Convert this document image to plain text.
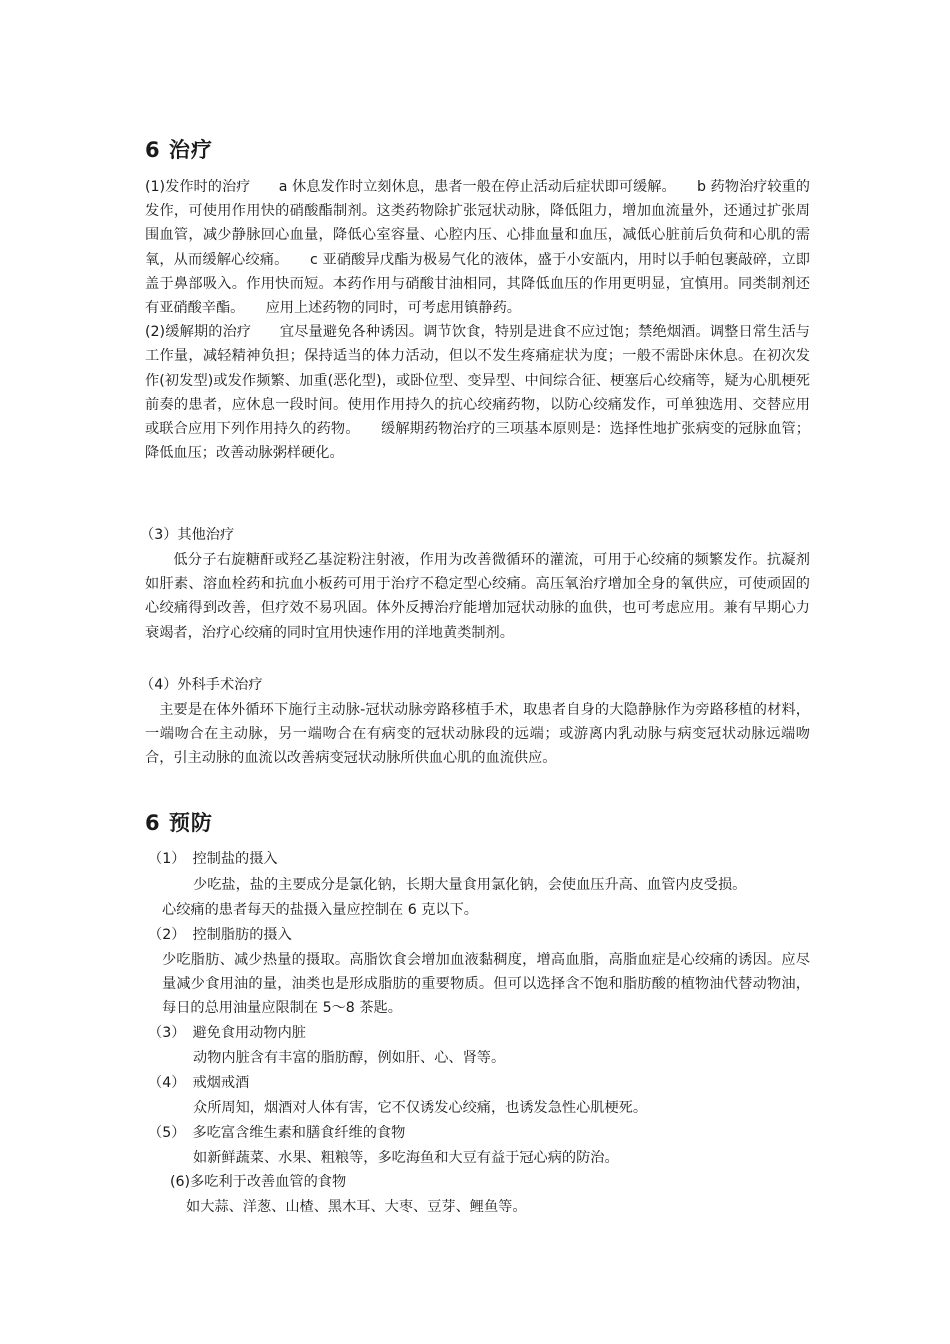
6 治疗

(1)发作时的治疗　　a 休息发作时立刻休息，患者一般在停止活动后症状即可缓解。　　b 药物治疗较重的发作，可使用作用快的硝酸酯制剂。这类药物除扩张冠状动脉，降低阻力，增加血流量外，还通过扩张周围血管，减少静脉回心血量，降低心室容量、心腔内压、心排血量和血压，减低心脏前后负荷和心肌的需氧，从而缓解心绞痛。　　c 亚硝酸异戊酯为极易气化的液体，盛于小安瓿内，用时以手帕包裹敲碎，立即盖于鼻部吸入。作用快而短。本药作用与硝酸甘油相同，其降低血压的作用更明显，宜慎用。同类制剂还有亚硝酸辛酯。　　应用上述药物的同时，可考虑用镇静药。

(2)缓解期的治疗　　宜尽量避免各种诱因。调节饮食，特别是进食不应过饱；禁绝烟酒。调整日常生活与工作量，减轻精神负担；保持适当的体力活动，但以不发生疼痛症状为度；一般不需卧床休息。在初次发作(初发型)或发作频繁、加重(恶化型)，或卧位型、变异型、中间综合征、梗塞后心绞痛等，疑为心肌梗死前奏的患者，应休息一段时间。使用作用持久的抗心绞痛药物，以防心绞痛发作，可单独选用、交替应用或联合应用下列作用持久的药物。　　缓解期药物治疗的三项基本原则是：选择性地扩张病变的冠脉血管；降低血压；改善动脉粥样硬化。

（3）其他治疗

低分子右旋糖酐或羟乙基淀粉注射液，作用为改善微循环的灌流，可用于心绞痛的频繁发作。抗凝剂如肝素、溶血栓药和抗血小板药可用于治疗不稳定型心绞痛。高压氧治疗增加全身的氧供应，可使顽固的心绞痛得到改善，但疗效不易巩固。体外反搏治疗能增加冠状动脉的血供，也可考虑应用。兼有早期心力衰竭者，治疗心绞痛的同时宜用快速作用的洋地黄类制剂。

（4）外科手术治疗

主要是在体外循环下施行主动脉-冠状动脉旁路移植手术，取患者自身的大隐静脉作为旁路移植的材料，一端吻合在主动脉，另一端吻合在有病变的冠状动脉段的远端；或游离内乳动脉与病变冠状动脉远端吻合，引主动脉的血流以改善病变冠状动脉所供血心肌的血流供应。

6 预防
（1）　控制盐的摄入
少吃盐，盐的主要成分是氯化钠，长期大量食用氯化钠，会使血压升高、血管内皮受损。
心绞痛的患者每天的盐摄入量应控制在 6 克以下。
（2）　控制脂肪的摄入
少吃脂肪、减少热量的摄取。高脂饮食会增加血液黏稠度，增高血脂，高脂血症是心绞痛的诱因。应尽量减少食用油的量，油类也是形成脂肪的重要物质。但可以选择含不饱和脂肪酸的植物油代替动物油，每日的总用油量应限制在 5～8 茶匙。
（3）　避免食用动物内脏
动物内脏含有丰富的脂肪醇，例如肝、心、肾等。
（4）　戒烟戒酒
众所周知，烟酒对人体有害，它不仅诱发心绞痛，也诱发急性心肌梗死。
（5）　多吃富含维生素和膳食纤维的食物
如新鲜蔬菜、水果、粗粮等，多吃海鱼和大豆有益于冠心病的防治。
(6)多吃利于改善血管的食物
如大蒜、洋葱、山楂、黑木耳、大枣、豆芽、鲤鱼等。
